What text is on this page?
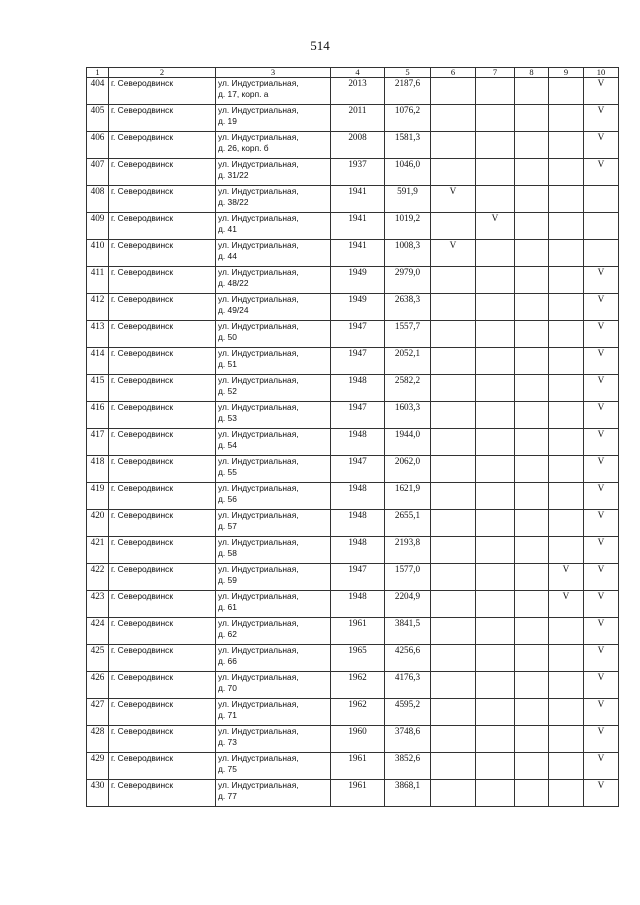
514
1	2	3	4	5	6	7	8	9	10
404	г. Северодвинск	ул. Индустриальная,
д. 17, корп. а	2013	2187,6					V
405	г. Северодвинск	ул. Индустриальная,
д. 19	2011	1076,2					V
406	г. Северодвинск	ул. Индустриальная,
д. 26, корп. б	2008	1581,3					V
407	г. Северодвинск	ул. Индустриальная,
д. 31/22	1937	1046,0					V
408	г. Северодвинск	ул. Индустриальная,
д. 38/22	1941	591,9	V				
409	г. Северодвинск	ул. Индустриальная,
д. 41	1941	1019,2		V			
410	г. Северодвинск	ул. Индустриальная,
д. 44	1941	1008,3	V				
411	г. Северодвинск	ул. Индустриальная,
д. 48/22	1949	2979,0					V
412	г. Северодвинск	ул. Индустриальная,
д. 49/24	1949	2638,3					V
413	г. Северодвинск	ул. Индустриальная,
д. 50	1947	1557,7					V
414	г. Северодвинск	ул. Индустриальная,
д. 51	1947	2052,1					V
415	г. Северодвинск	ул. Индустриальная,
д. 52	1948	2582,2					V
416	г. Северодвинск	ул. Индустриальная,
д. 53	1947	1603,3					V
417	г. Северодвинск	ул. Индустриальная,
д. 54	1948	1944,0					V
418	г. Северодвинск	ул. Индустриальная,
д. 55	1947	2062,0					V
419	г. Северодвинск	ул. Индустриальная,
д. 56	1948	1621,9					V
420	г. Северодвинск	ул. Индустриальная,
д. 57	1948	2655,1					V
421	г. Северодвинск	ул. Индустриальная,
д. 58	1948	2193,8					V
422	г. Северодвинск	ул. Индустриальная,
д. 59	1947	1577,0				V	V
423	г. Северодвинск	ул. Индустриальная,
д. 61	1948	2204,9				V	V
424	г. Северодвинск	ул. Индустриальная,
д. 62	1961	3841,5					V
425	г. Северодвинск	ул. Индустриальная,
д. 66	1965	4256,6					V
426	г. Северодвинск	ул. Индустриальная,
д. 70	1962	4176,3					V
427	г. Северодвинск	ул. Индустриальная,
д. 71	1962	4595,2					V
428	г. Северодвинск	ул. Индустриальная,
д. 73	1960	3748,6					V
429	г. Северодвинск	ул. Индустриальная,
д. 75	1961	3852,6					V
430	г. Северодвинск	ул. Индустриальная,
д. 77	1961	3868,1					V
